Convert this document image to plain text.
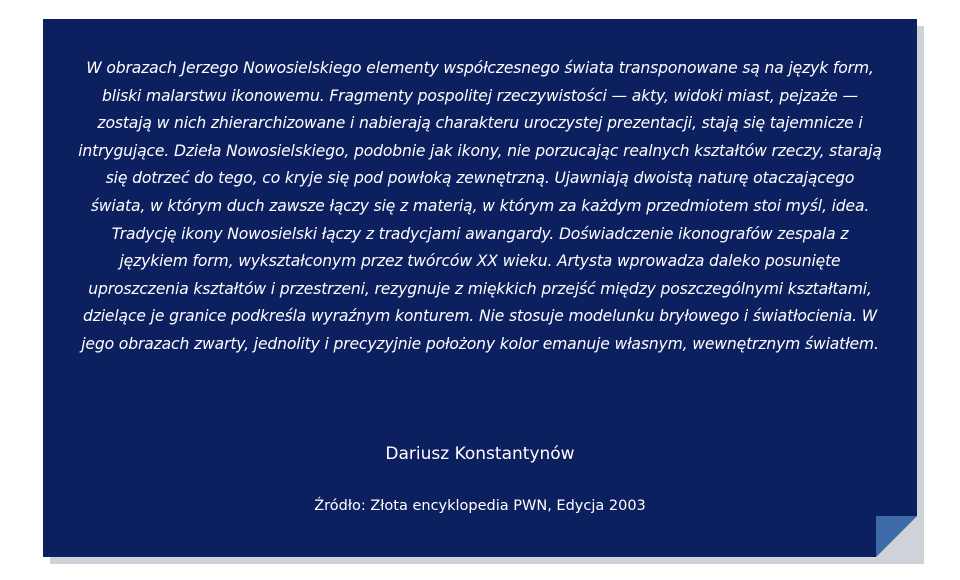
W obrazach Jerzego Nowosielskiego elementy współczesnego świata transponowane są na język form, bliski malarstwu ikonowemu. Fragmenty pospolitej rzeczywistości — akty, widoki miast, pejzaże — zostają w nich zhierarchizowane i nabierają charakteru uroczystej prezentacji, stają się tajemnicze i intrygujące. Dzieła Nowosielskiego, podobnie jak ikony, nie porzucając realnych kształtów rzeczy, starają się dotrzeć do tego, co kryje się pod powłoką zewnętrzną. Ujawniają dwoistą naturę otaczającego świata, w którym duch zawsze łączy się z materią, w którym za każdym przedmiotem stoi myśl, idea.

Tradycję ikony Nowosielski łączy z tradycjami awangardy. Doświadczenie ikonografów zespala z językiem form, wykształconym przez twórców XX wieku. Artysta wprowadza daleko posunięte uproszczenia kształtów i przestrzeni, rezygnuje z miękkich przejść między poszczególnymi kształtami, dzielące je granice podkreśla wyraźnym konturem. Nie stosuje modelunku bryłowego i światłocienia. W jego obrazach zwarty, jednolity i precyzyjnie położony kolor emanuje własnym, wewnętrznym światłem.

Dariusz Konstantynów
Źródło: Złota encyklopedia PWN, Edycja 2003
